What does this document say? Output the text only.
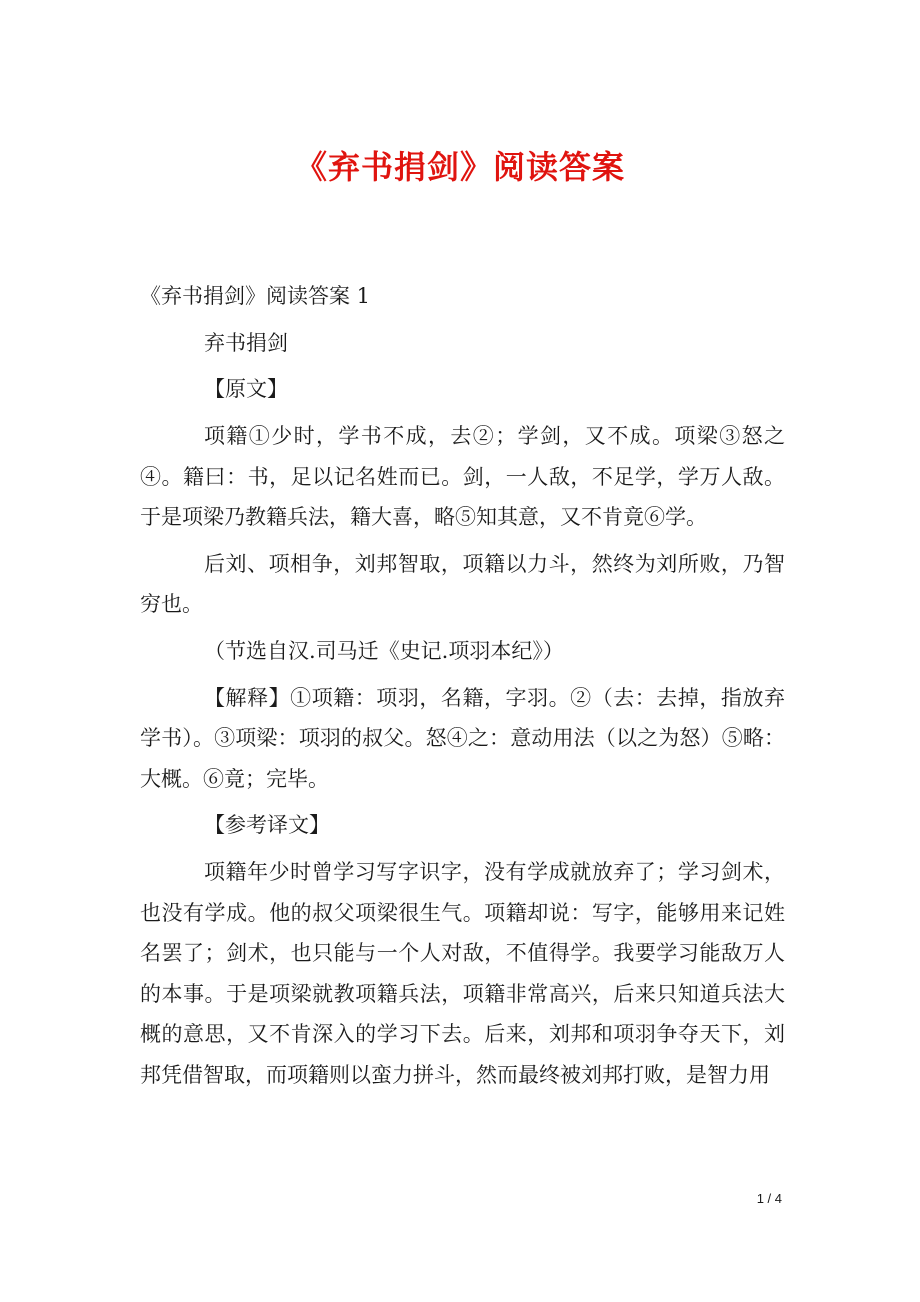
《弃书捐剑》阅读答案

《弃书捐剑》阅读答案 1

弃书捐剑

【原文】

项籍①少时，学书不成，去②；学剑，又不成。项梁③怒之④。籍曰：书，足以记名姓而已。剑，一人敌，不足学，学万人敌。于是项梁乃教籍兵法，籍大喜，略⑤知其意，又不肯竟⑥学。

后刘、项相争，刘邦智取，项籍以力斗，然终为刘所败，乃智穷也。

（节选自汉.司马迁《史记.项羽本纪》）

【解释】①项籍：项羽，名籍，字羽。②（去：去掉，指放弃学书）。③项梁：项羽的叔父。怒④之：意动用法（以之为怒）⑤略：大概。⑥竟；完毕。

【参考译文】

项籍年少时曾学习写字识字，没有学成就放弃了；学习剑术，也没有学成。他的叔父项梁很生气。项籍却说：写字，能够用来记姓名罢了；剑术，也只能与一个人对敌，不值得学。我要学习能敌万人的本事。于是项梁就教项籍兵法，项籍非常高兴，后来只知道兵法大概的意思，又不肯深入的学习下去。后来，刘邦和项羽争夺天下，刘邦凭借智取，而项籍则以蛮力拼斗，然而最终被刘邦打败，是智力用

1 / 4
